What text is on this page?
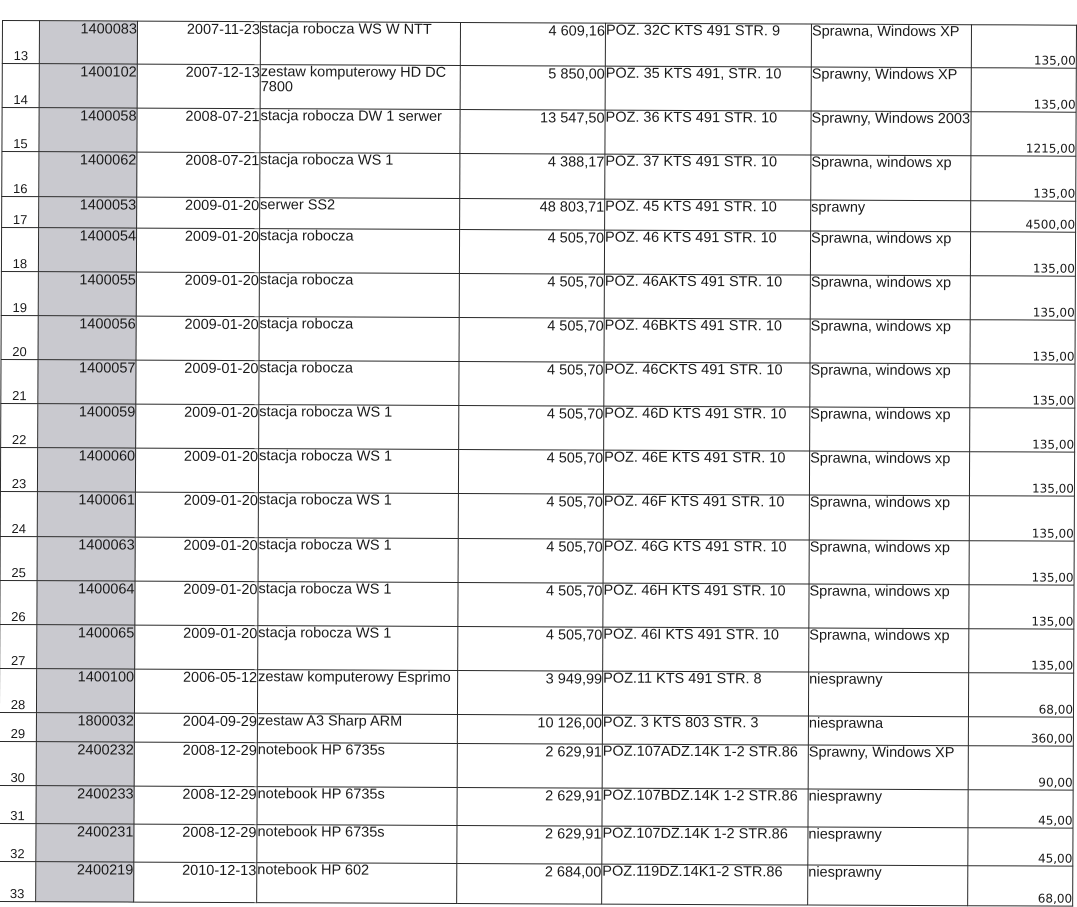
13	1400083	2007-11-23	stacja robocza WS W NTT	4 609,16	POZ. 32C KTS 491 STR. 9	Sprawna, Windows XP	135,00
14	1400102	2007-12-13	zestaw komputerowy HD DC 7800	5 850,00	POZ. 35 KTS 491, STR. 10	Sprawny, Windows XP	135,00
15	1400058	2008-07-21	stacja robocza DW 1 serwer	13 547,50	POZ. 36 KTS 491 STR. 10	Sprawny, Windows 2003	1215,00
16	1400062	2008-07-21	stacja robocza WS 1	4 388,17	POZ. 37 KTS 491 STR. 10	Sprawna, windows xp	135,00
17	1400053	2009-01-20	serwer SS2	48 803,71	POZ. 45 KTS 491 STR. 10	sprawny	4500,00
18	1400054	2009-01-20	stacja robocza	4 505,70	POZ. 46 KTS 491 STR. 10	Sprawna, windows xp	135,00
19	1400055	2009-01-20	stacja robocza	4 505,70	POZ. 46AKTS 491 STR. 10	Sprawna, windows xp	135,00
20	1400056	2009-01-20	stacja robocza	4 505,70	POZ. 46BKTS 491 STR. 10	Sprawna, windows xp	135,00
21	1400057	2009-01-20	stacja robocza	4 505,70	POZ. 46CKTS 491 STR. 10	Sprawna, windows xp	135,00
22	1400059	2009-01-20	stacja robocza WS 1	4 505,70	POZ. 46D KTS 491 STR. 10	Sprawna, windows xp	135,00
23	1400060	2009-01-20	stacja robocza WS 1	4 505,70	POZ. 46E KTS 491 STR. 10	Sprawna, windows xp	135,00
24	1400061	2009-01-20	stacja robocza WS 1	4 505,70	POZ. 46F KTS 491 STR. 10	Sprawna, windows xp	135,00
25	1400063	2009-01-20	stacja robocza WS 1	4 505,70	POZ. 46G KTS 491 STR. 10	Sprawna, windows xp	135,00
26	1400064	2009-01-20	stacja robocza WS 1	4 505,70	POZ. 46H KTS 491 STR. 10	Sprawna, windows xp	135,00
27	1400065	2009-01-20	stacja robocza WS 1	4 505,70	POZ. 46I KTS 491 STR. 10	Sprawna, windows xp	135,00
28	1400100	2006-05-12	zestaw komputerowy Esprimo	3 949,99	POZ.11 KTS 491 STR. 8	niesprawny	68,00
29	1800032	2004-09-29	zestaw A3 Sharp ARM	10 126,00	POZ. 3 KTS 803 STR. 3	niesprawna	360,00
30	2400232	2008-12-29	notebook HP 6735s	2 629,91	POZ.107ADZ.14K 1-2 STR.86	Sprawny, Windows XP	90,00
31	2400233	2008-12-29	notebook HP 6735s	2 629,91	POZ.107BDZ.14K 1-2 STR.86	niesprawny	45,00
32	2400231	2008-12-29	notebook HP 6735s	2 629,91	POZ.107DZ.14K 1-2 STR.86	niesprawny	45,00
33	2400219	2010-12-13	notebook HP 602	2 684,00	POZ.119DZ.14K1-2 STR.86	niesprawny	68,00
